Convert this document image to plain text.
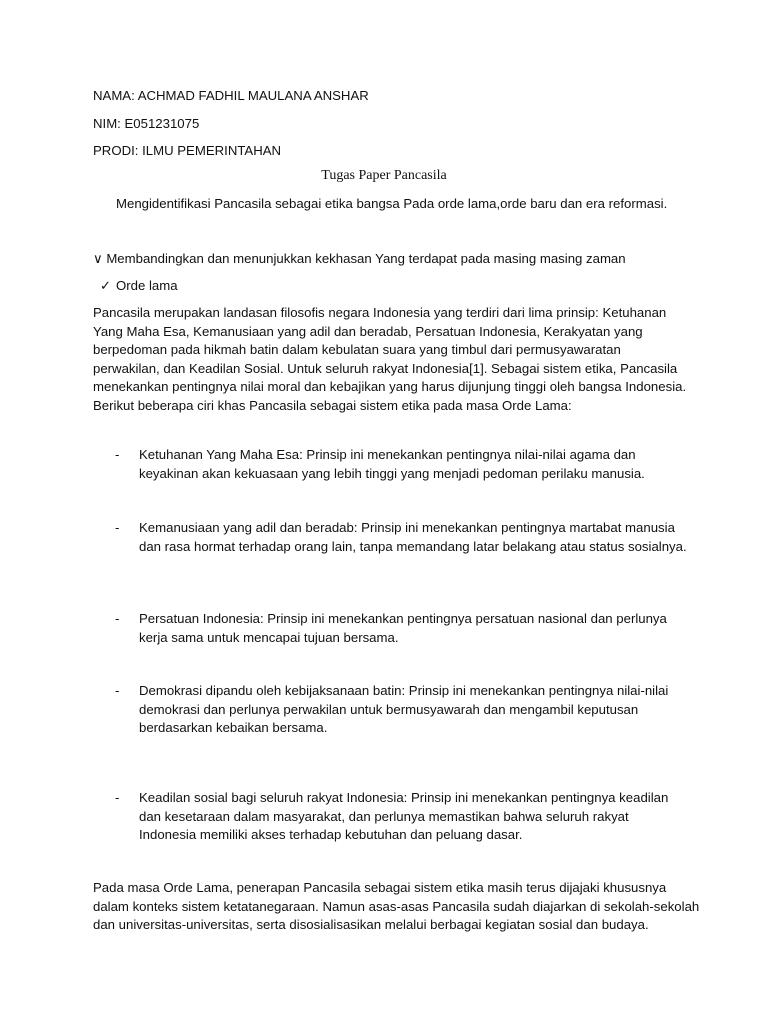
NAMA: ACHMAD FADHIL MAULANA ANSHAR
NIM: E051231075
PRODI: ILMU PEMERINTAHAN
Tugas Paper Pancasila
Mengidentifikasi Pancasila sebagai etika bangsa Pada orde lama,orde baru dan era reformasi.
∨ Membandingkan dan menunjukkan kekhasan Yang terdapat pada masing masing zaman
✓ Orde lama
Pancasila merupakan landasan filosofis negara Indonesia yang terdiri dari lima prinsip: Ketuhanan
Yang Maha Esa, Kemanusiaan yang adil dan beradab, Persatuan Indonesia, Kerakyatan yang
berpedoman pada hikmah batin dalam kebulatan suara yang timbul dari permusyawaratan
perwakilan, dan Keadilan Sosial. Untuk seluruh rakyat Indonesia[1]. Sebagai sistem etika, Pancasila
menekankan pentingnya nilai moral dan kebajikan yang harus dijunjung tinggi oleh bangsa Indonesia.
Berikut beberapa ciri khas Pancasila sebagai sistem etika pada masa Orde Lama:
- Ketuhanan Yang Maha Esa: Prinsip ini menekankan pentingnya nilai-nilai agama dan
keyakinan akan kekuasaan yang lebih tinggi yang menjadi pedoman perilaku manusia.
- Kemanusiaan yang adil dan beradab: Prinsip ini menekankan pentingnya martabat manusia
dan rasa hormat terhadap orang lain, tanpa memandang latar belakang atau status sosialnya.
- Persatuan Indonesia: Prinsip ini menekankan pentingnya persatuan nasional dan perlunya
kerja sama untuk mencapai tujuan bersama.
- Demokrasi dipandu oleh kebijaksanaan batin: Prinsip ini menekankan pentingnya nilai-nilai
demokrasi dan perlunya perwakilan untuk bermusyawarah dan mengambil keputusan
berdasarkan kebaikan bersama.
- Keadilan sosial bagi seluruh rakyat Indonesia: Prinsip ini menekankan pentingnya keadilan
dan kesetaraan dalam masyarakat, dan perlunya memastikan bahwa seluruh rakyat
Indonesia memiliki akses terhadap kebutuhan dan peluang dasar.
Pada masa Orde Lama, penerapan Pancasila sebagai sistem etika masih terus dijajaki khususnya
dalam konteks sistem ketatanegaraan. Namun asas-asas Pancasila sudah diajarkan di sekolah-sekolah
dan universitas-universitas, serta disosialisasikan melalui berbagai kegiatan sosial dan budaya.
